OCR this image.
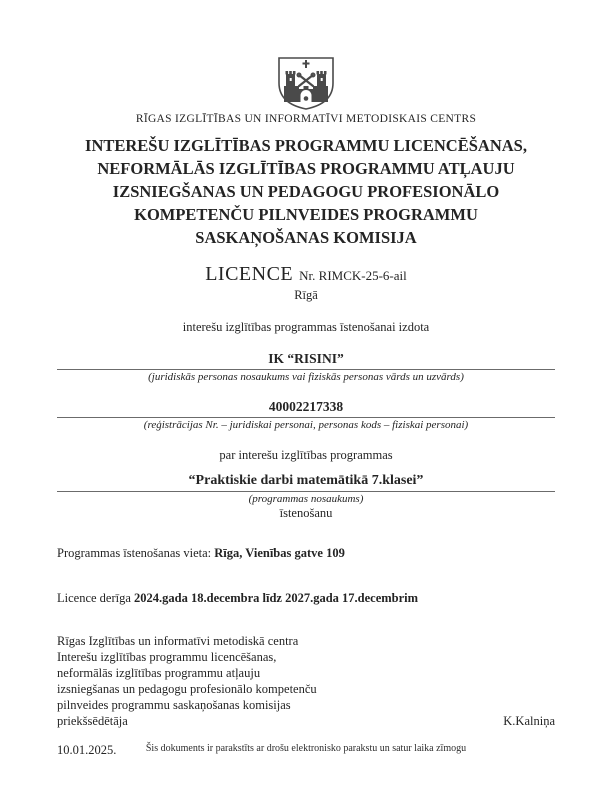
RĪGAS IZGLĪTĪBAS UN INFORMATĪVI METODISKAIS CENTRS
INTEREŠU IZGLĪTĪBAS PROGRAMMU LICENCĒŠANAS,
NEFORMĀLĀS IZGLĪTĪBAS PROGRAMMU ATĻAUJU
IZSNIEGŠANAS UN PEDAGOGU PROFESIONĀLO
KOMPETENČU PILNVEIDES PROGRAMMU
SASKAŅOŠANAS KOMISIJA
LICENCE Nr. RIMCK-25-6-ail
Rīgā
interešu izglītības programmas īstenošanai izdota
IK “RISINI”
(juridiskās personas nosaukums vai fiziskās personas vārds un uzvārds)
40002217338
(reģistrācijas Nr. – juridiskai personai, personas kods – fiziskai personai)
par interešu izglītības programmas
“Praktiskie darbi matemātikā 7.klasei”
(programmas nosaukums)
īstenošanu
Programmas īstenošanas vieta: Rīga, Vienības gatve 109
Licence derīga 2024.gada 18.decembra līdz 2027.gada 17.decembrim
Rīgas Izglītības un informatīvi metodiskā centra
Interešu izglītības programmu licencēšanas,
neformālās izglītības programmu atļauju
izsniegšanas un pedagogu profesionālo kompetenču
pilnveides programmu saskaņošanas komisijas
priekšsēdētāja	K.Kalniņa
10.01.2025.	Šis dokuments ir parakstīts ar drošu elektronisko parakstu un satur laika zīmogu
